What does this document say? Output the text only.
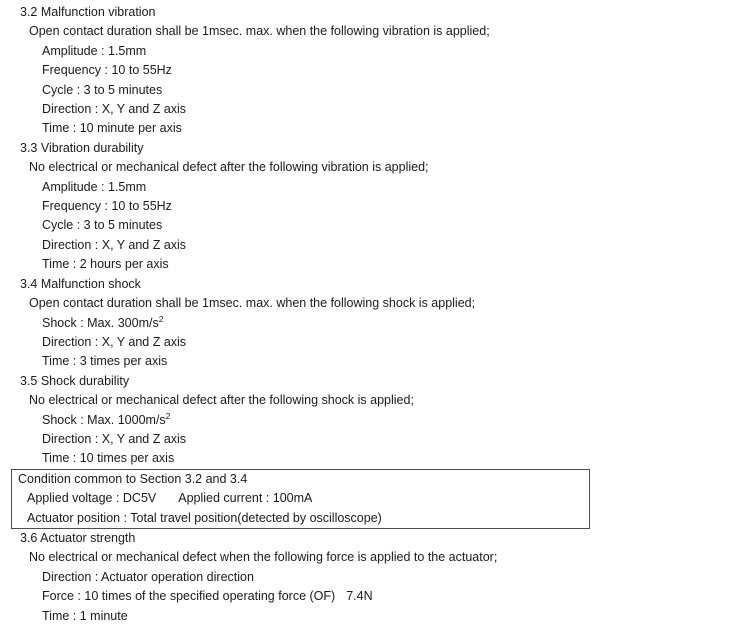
3.2 Malfunction vibration
Open contact duration shall be 1msec. max. when the following vibration is applied;
Amplitude : 1.5mm
Frequency : 10 to 55Hz
Cycle : 3 to 5 minutes
Direction : X, Y and Z axis
Time : 10 minute per axis
3.3 Vibration durability
No electrical or mechanical defect after the following vibration is applied;
Amplitude : 1.5mm
Frequency : 10 to 55Hz
Cycle : 3 to 5 minutes
Direction : X, Y and Z axis
Time : 2 hours per axis
3.4 Malfunction shock
Open contact duration shall be 1msec. max. when the following shock is applied;
Shock : Max. $300m/s^2$
Direction : X, Y and Z axis
Time : 3 times per axis
3.5 Shock durability
No electrical or mechanical defect after the following shock is applied;
Shock : Max. $1000m/s^2$
Direction : X, Y and Z axis
Time : 10 times per axis
Condition common to Section 3.2 and 3.4
Applied voltage : DC5V Applied current : 100mA
Actuator position : Total travel position(detected by oscilloscope)
3.6 Actuator strength
No electrical or mechanical defect when the following force is applied to the actuator;
Direction : Actuator operation direction
Force : 10 times of the specified operating force (OF) 7.4N
Time : 1 minute
